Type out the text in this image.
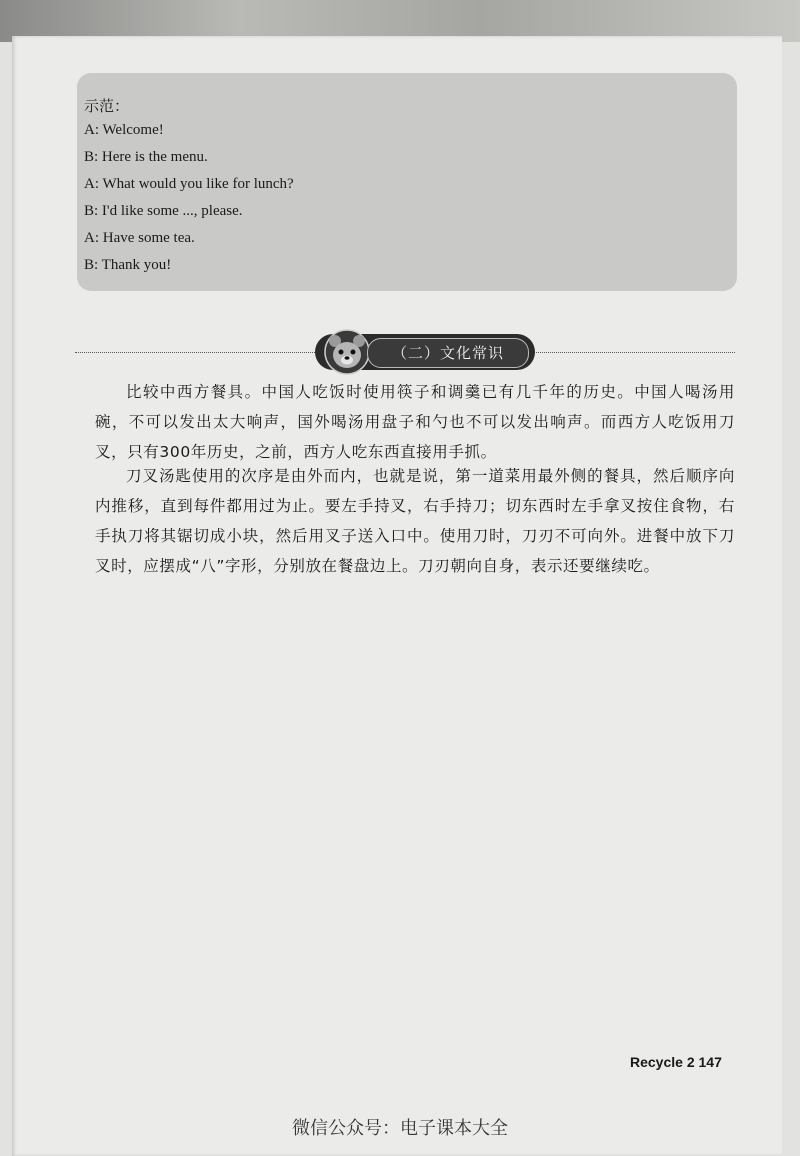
示范：
A: Welcome!
B: Here is the menu.
A: What would you like for lunch?
B: I'd like some ..., please.
A: Have some tea.
B: Thank you!
（二）文化常识
比较中西方餐具。中国人吃饭时使用筷子和调羹已有几千年的历史。中国人喝汤用碗，不可以发出太大响声，国外喝汤用盘子和勺也不可以发出响声。而西方人吃饭用刀叉，只有300年历史，之前，西方人吃东西直接用手抓。
刀叉汤匙使用的次序是由外而内，也就是说，第一道菜用最外侧的餐具，然后顺序向内推移，直到每件都用过为止。要左手持叉，右手持刀；切东西时左手拿叉按住食物，右手执刀将其锯切成小块，然后用叉子送入口中。使用刀时，刀刃不可向外。进餐中放下刀叉时，应摆成“八”字形，分别放在餐盘边上。刀刃朝向自身，表示还要继续吃。
Recycle 2 147
微信公众号：电子课本大全
